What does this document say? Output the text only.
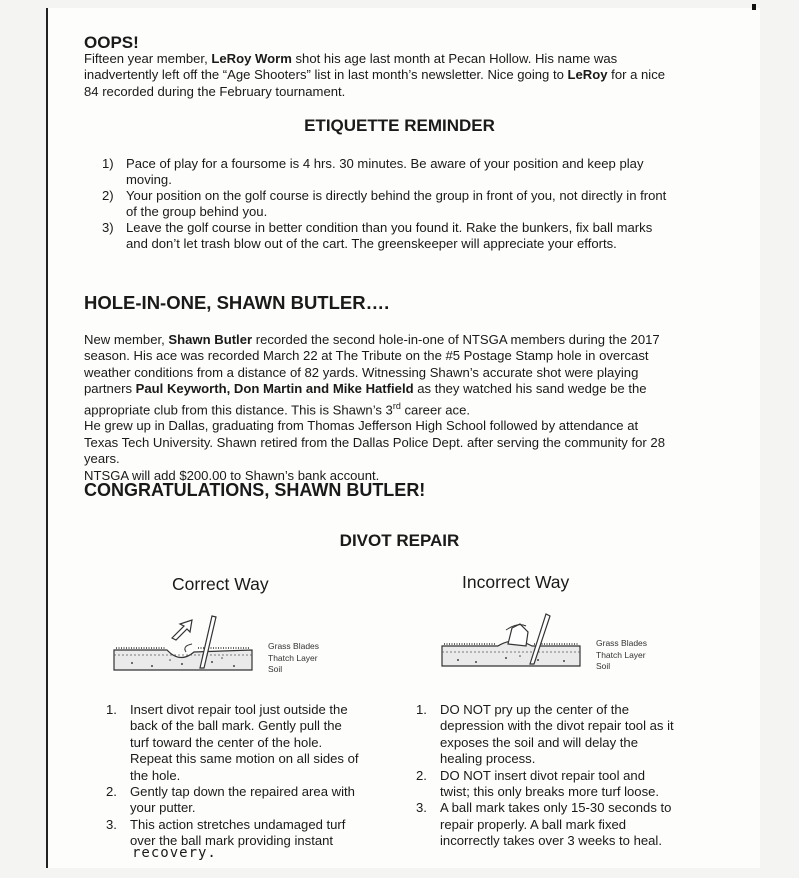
OOPS!
Fifteen year member, LeRoy Worm shot his age last month at Pecan Hollow. His name was
inadvertently left off the “Age Shooters” list in last month’s newsletter. Nice going to LeRoy for a nice
84 recorded during the February tournament.
ETIQUETTE REMINDER
1) Pace of play for a foursome is 4 hrs. 30 minutes. Be aware of your position and keep play
moving.
2) Your position on the golf course is directly behind the group in front of you, not directly in front
of the group behind you.
3) Leave the golf course in better condition than you found it. Rake the bunkers, fix ball marks
and don’t let trash blow out of the cart. The greenskeeper will appreciate your efforts.
HOLE-IN-ONE, SHAWN BUTLER….
New member, Shawn Butler recorded the second hole-in-one of NTSGA members during the 2017
season. His ace was recorded March 22 at The Tribute on the #5 Postage Stamp hole in overcast
weather conditions from a distance of 82 yards. Witnessing Shawn’s accurate shot were playing
partners Paul Keyworth, Don Martin and Mike Hatfield as they watched his sand wedge be the
appropriate club from this distance. This is Shawn’s 3rd career ace.
He grew up in Dallas, graduating from Thomas Jefferson High School followed by attendance at
Texas Tech University. Shawn retired from the Dallas Police Dept. after serving the community for 28
years.
NTSGA will add $200.00 to Shawn’s bank account.
CONGRATULATIONS, SHAWN BUTLER!
DIVOT REPAIR
Correct Way	Incorrect Way
Grass Blades
Thatch Layer
Soil
Grass Blades
Thatch Layer
Soil
1. Insert divot repair tool just outside the
back of the ball mark. Gently pull the
turf toward the center of the hole.
Repeat this same motion on all sides of
the hole.
2. Gently tap down the repaired area with
your putter.
3. This action stretches undamaged turf
over the ball mark providing instant
recovery.
1. DO NOT pry up the center of the
depression with the divot repair tool as it
exposes the soil and will delay the
healing process.
2. DO NOT insert divot repair tool and
twist; this only breaks more turf loose.
3. A ball mark takes only 15-30 seconds to
repair properly. A ball mark fixed
incorrectly takes over 3 weeks to heal.
